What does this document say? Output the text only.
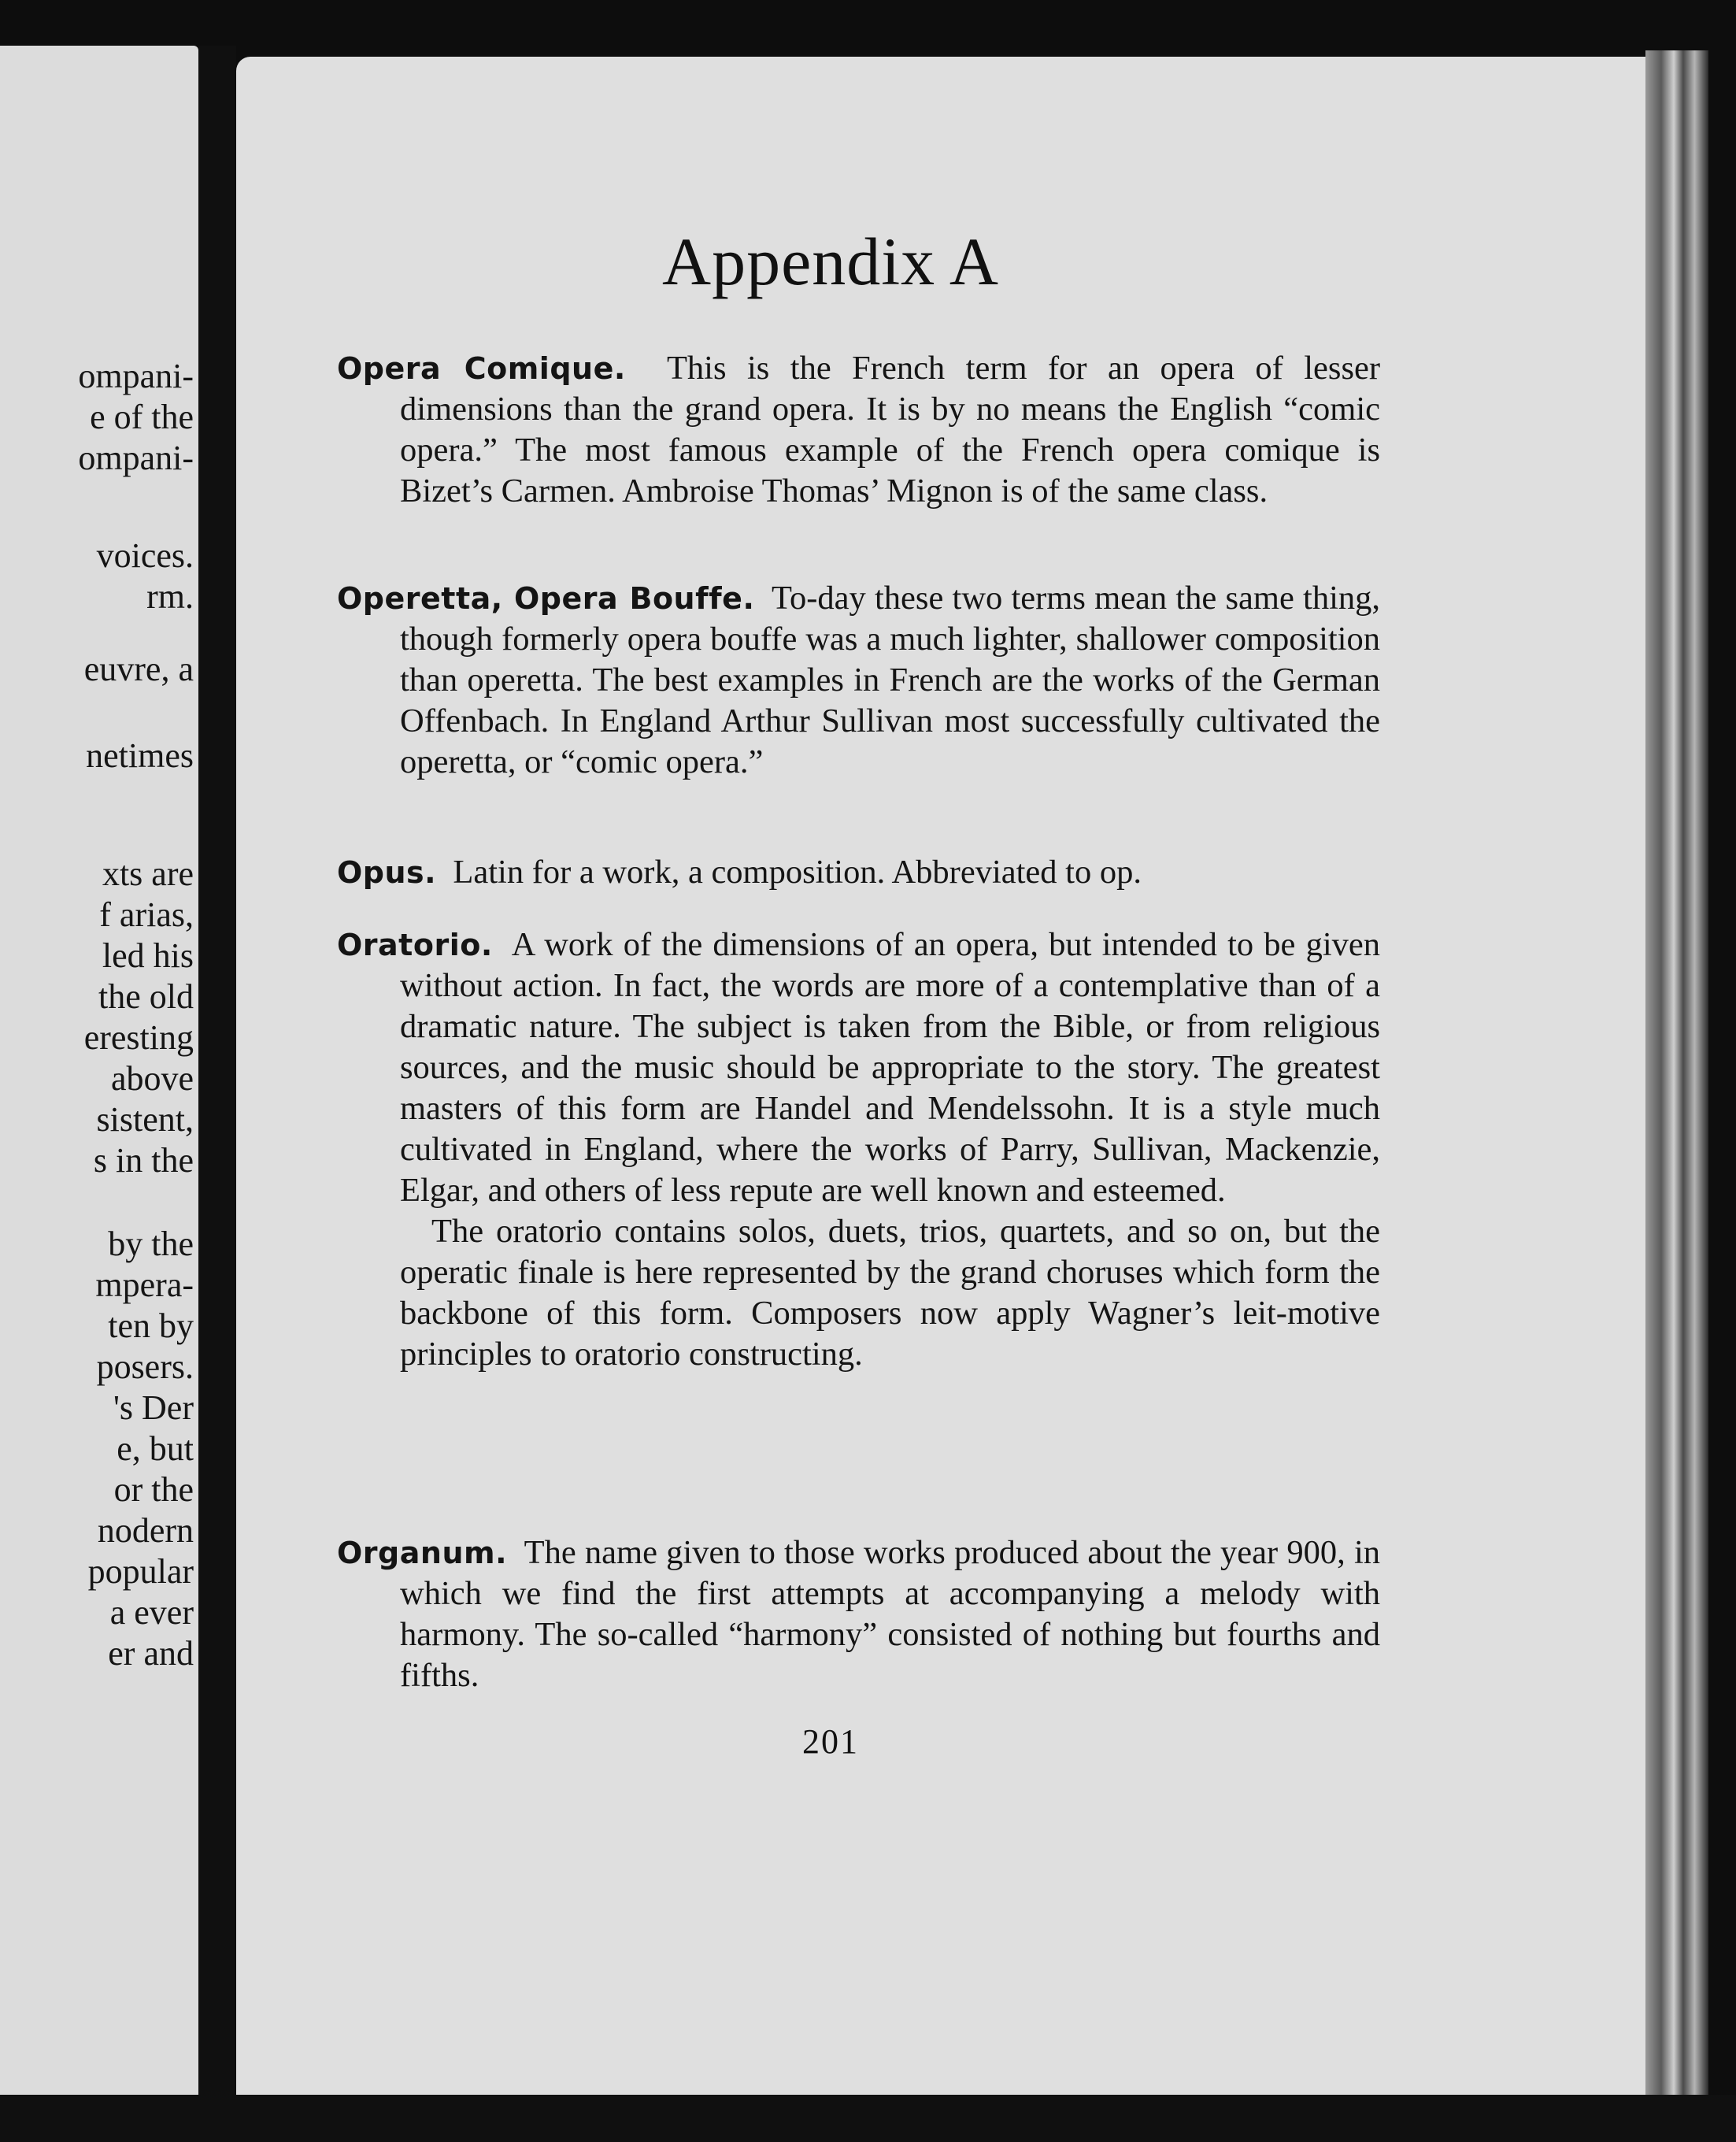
ompani-
e of the
ompani-
voices.
rm.
euvre, a
netimes
xts are
f arias,
led his
the old
eresting
above
sistent,
s in the
by the
mpera-
ten by
posers.
's Der
e, but
or the
nodern
popular
a ever
er and
Appendix A

Opera Comique. This is the French term for an opera of lesser dimensions than the grand opera. It is by no means the English “comic opera.” The most famous example of the French opera comique is Bizet’s Carmen. Ambroise Thomas’ Mignon is of the same class.

Operetta, Opera Bouffe. To-day these two terms mean the same thing, though formerly opera bouffe was a much lighter, shallower composition than operetta. The best examples in French are the works of the German Offenbach. In England Arthur Sullivan most successfully cultivated the operetta, or “comic opera.”

Opus. Latin for a work, a composition. Abbreviated to op.

Oratorio. A work of the dimensions of an opera, but intended to be given without action. In fact, the words are more of a contemplative than of a dramatic nature. The subject is taken from the Bible, or from religious sources, and the music should be appropriate to the story. The greatest masters of this form are Handel and Mendelssohn. It is a style much cultivated in England, where the works of Parry, Sullivan, Mackenzie, Elgar, and others of less repute are well known and esteemed.

The oratorio contains solos, duets, trios, quartets, and so on, but the operatic finale is here represented by the grand choruses which form the backbone of this form. Composers now apply Wagner’s leit-motive principles to oratorio constructing.

Organum. The name given to those works produced about the year 900, in which we find the first attempts at accompanying a melody with harmony. The so-called “harmony” consisted of nothing but fourths and fifths.

201
